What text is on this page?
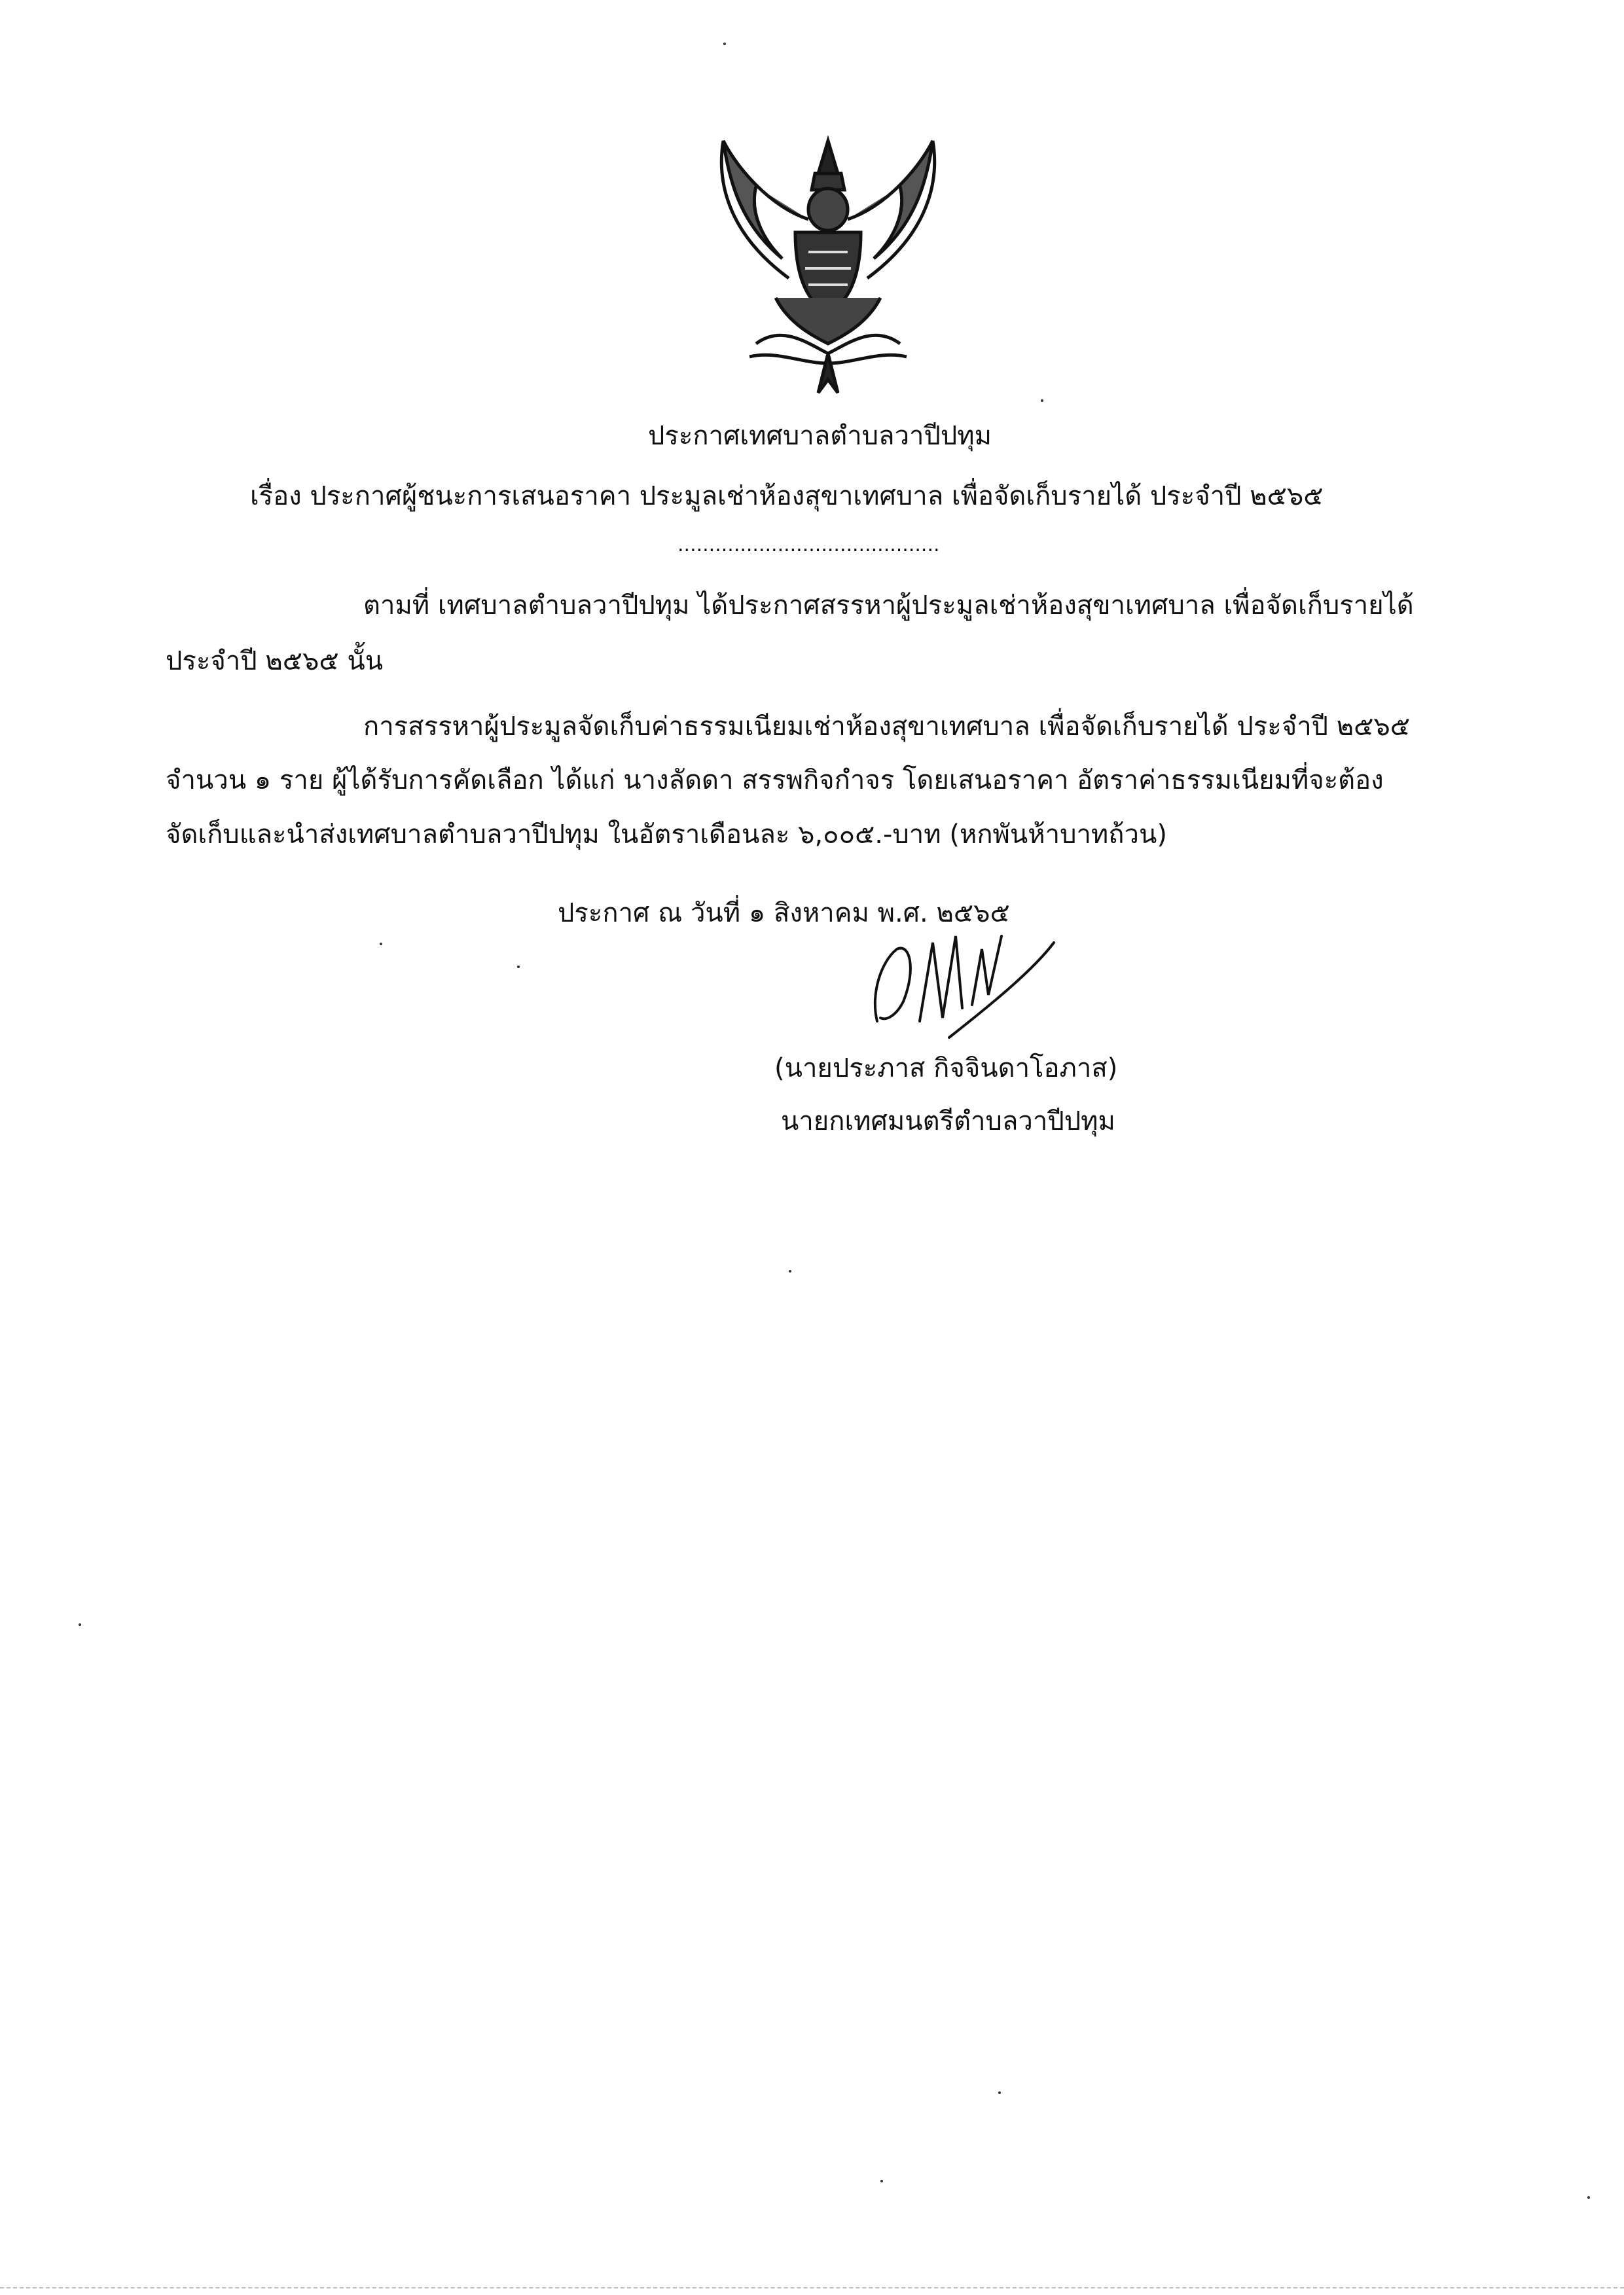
ประกาศเทศบาลตำบลวาปีปทุม
เรื่อง ประกาศผู้ชนะการเสนอราคา ประมูลเช่าห้องสุขาเทศบาล เพื่อจัดเก็บรายได้ ประจำปี ๒๕๖๕
..........................................
ตามที่ เทศบาลตำบลวาปีปทุม ได้ประกาศสรรหาผู้ประมูลเช่าห้องสุขาเทศบาล เพื่อจัดเก็บรายได้
ประจำปี ๒๕๖๕ นั้น
การสรรหาผู้ประมูลจัดเก็บค่าธรรมเนียมเช่าห้องสุขาเทศบาล เพื่อจัดเก็บรายได้ ประจำปี ๒๕๖๕
จำนวน ๑ ราย ผู้ได้รับการคัดเลือก ได้แก่ นางลัดดา สรรพกิจกำจร โดยเสนอราคา อัตราค่าธรรมเนียมที่จะต้อง
จัดเก็บและนำส่งเทศบาลตำบลวาปีปทุม ในอัตราเดือนละ ๖,๐๐๕.-บาท (หกพันห้าบาทถ้วน)
ประกาศ ณ วันที่ ๑ สิงหาคม พ.ศ. ๒๕๖๕
(นายประภาส กิจจินดาโอภาส)
นายกเทศมนตรีตำบลวาปีปทุม
